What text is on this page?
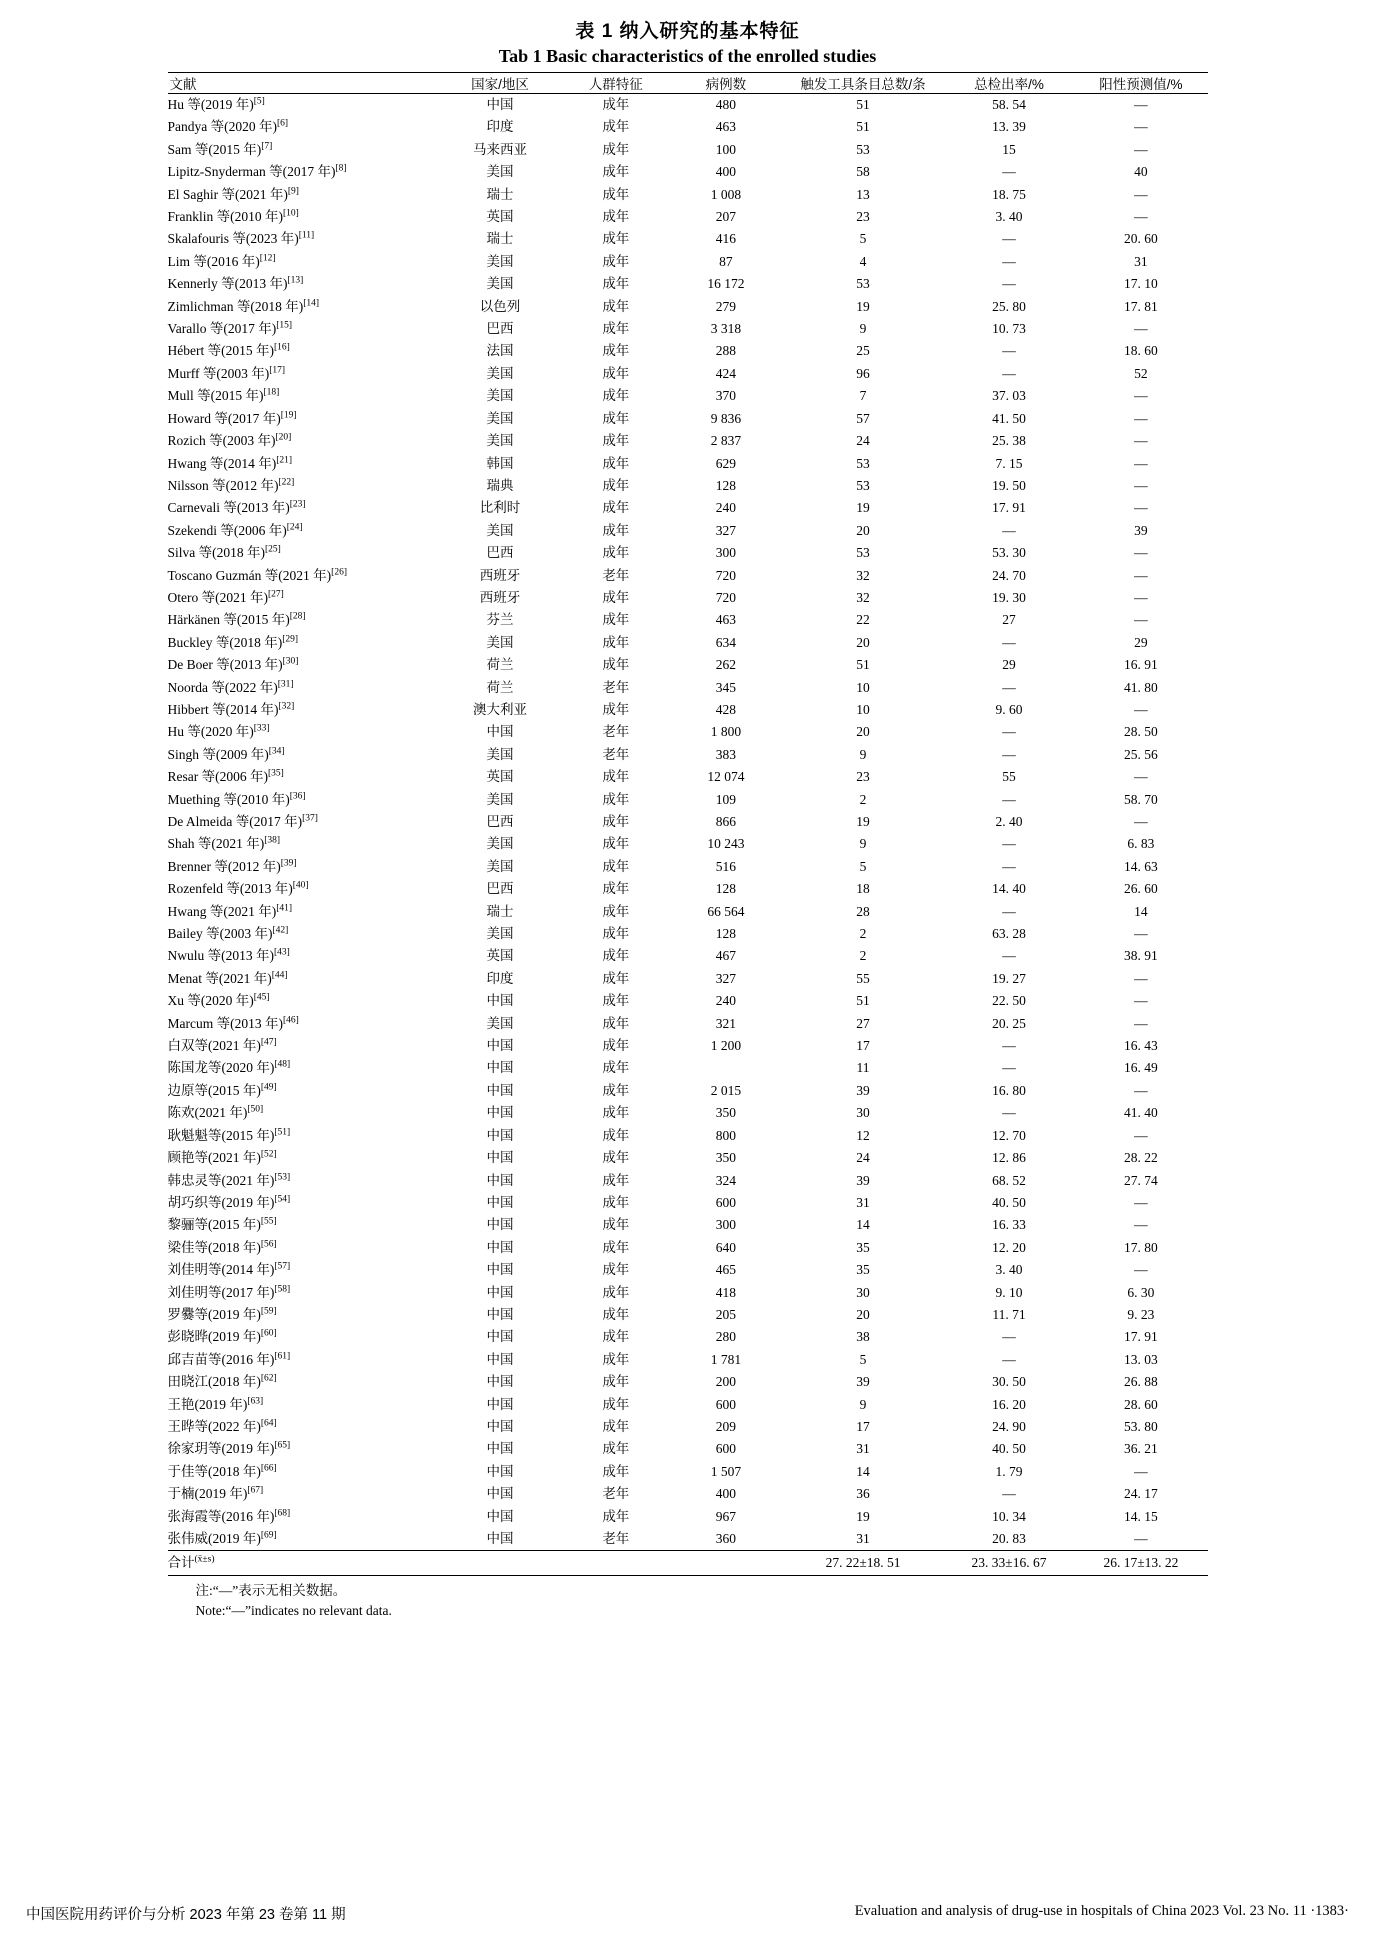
表 1 纳入研究的基本特征
Tab 1 Basic characteristics of the enrolled studies
文献	国家/地区	人群特征	病例数	触发工具条目总数/条	总检出率/%	阳性预测值/%
Hu 等(2019 年)[5]	中国	成年	480	51	58. 54	—
Pandya 等(2020 年)[6]	印度	成年	463	51	13. 39	—
Sam 等(2015 年)[7]	马来西亚	成年	100	53	15	—
Lipitz-Snyderman 等(2017 年)[8]	美国	成年	400	58	—	40
El Saghir 等(2021 年)[9]	瑞士	成年	1 008	13	18. 75	—
Franklin 等(2010 年)[10]	英国	成年	207	23	3. 40	—
Skalafouris 等(2023 年)[11]	瑞士	成年	416	5	—	20. 60
Lim 等(2016 年)[12]	美国	成年	87	4	—	31
Kennerly 等(2013 年)[13]	美国	成年	16 172	53	—	17. 10
Zimlichman 等(2018 年)[14]	以色列	成年	279	19	25. 80	17. 81
Varallo 等(2017 年)[15]	巴西	成年	3 318	9	10. 73	—
Hébert 等(2015 年)[16]	法国	成年	288	25	—	18. 60
Murff 等(2003 年)[17]	美国	成年	424	96	—	52
Mull 等(2015 年)[18]	美国	成年	370	7	37. 03	—
Howard 等(2017 年)[19]	美国	成年	9 836	57	41. 50	—
Rozich 等(2003 年)[20]	美国	成年	2 837	24	25. 38	—
Hwang 等(2014 年)[21]	韩国	成年	629	53	7. 15	—
Nilsson 等(2012 年)[22]	瑞典	成年	128	53	19. 50	—
Carnevali 等(2013 年)[23]	比利时	成年	240	19	17. 91	—
Szekendi 等(2006 年)[24]	美国	成年	327	20	—	39
Silva 等(2018 年)[25]	巴西	成年	300	53	53. 30	—
Toscano Guzmán 等(2021 年)[26]	西班牙	老年	720	32	24. 70	—
Otero 等(2021 年)[27]	西班牙	成年	720	32	19. 30	—
Härkänen 等(2015 年)[28]	芬兰	成年	463	22	27	—
Buckley 等(2018 年)[29]	美国	成年	634	20	—	29
De Boer 等(2013 年)[30]	荷兰	成年	262	51	29	16. 91
Noorda 等(2022 年)[31]	荷兰	老年	345	10	—	41. 80
Hibbert 等(2014 年)[32]	澳大利亚	成年	428	10	9. 60	—
Hu 等(2020 年)[33]	中国	老年	1 800	20	—	28. 50
Singh 等(2009 年)[34]	美国	老年	383	9	—	25. 56
Resar 等(2006 年)[35]	英国	成年	12 074	23	55	—
Muething 等(2010 年)[36]	美国	成年	109	2	—	58. 70
De Almeida 等(2017 年)[37]	巴西	成年	866	19	2. 40	—
Shah 等(2021 年)[38]	美国	成年	10 243	9	—	6. 83
Brenner 等(2012 年)[39]	美国	成年	516	5	—	14. 63
Rozenfeld 等(2013 年)[40]	巴西	成年	128	18	14. 40	26. 60
Hwang 等(2021 年)[41]	瑞士	成年	66 564	28	—	14
Bailey 等(2003 年)[42]	美国	成年	128	2	63. 28	—
Nwulu 等(2013 年)[43]	英国	成年	467	2	—	38. 91
Menat 等(2021 年)[44]	印度	成年	327	55	19. 27	—
Xu 等(2020 年)[45]	中国	成年	240	51	22. 50	—
Marcum 等(2013 年)[46]	美国	成年	321	27	20. 25	—
白双等(2021 年)[47]	中国	成年	1 200	17	—	16. 43
陈国龙等(2020 年)[48]	中国	成年		11	—	16. 49
边原等(2015 年)[49]	中国	成年	2 015	39	16. 80	—
陈欢(2021 年)[50]	中国	成年	350	30	—	41. 40
耿魁魁等(2015 年)[51]	中国	成年	800	12	12. 70	—
顾艳等(2021 年)[52]	中国	成年	350	24	12. 86	28. 22
韩忠灵等(2021 年)[53]	中国	成年	324	39	68. 52	27. 74
胡巧织等(2019 年)[54]	中国	成年	600	31	40. 50	—
黎骊等(2015 年)[55]	中国	成年	300	14	16. 33	—
梁佳等(2018 年)[56]	中国	成年	640	35	12. 20	17. 80
刘佳明等(2014 年)[57]	中国	成年	465	35	3. 40	—
刘佳明等(2017 年)[58]	中国	成年	418	30	9. 10	6. 30
罗爨等(2019 年)[59]	中国	成年	205	20	11. 71	9. 23
彭晓晔(2019 年)[60]	中国	成年	280	38	—	17. 91
邱吉苗等(2016 年)[61]	中国	成年	1 781	5	—	13. 03
田晓江(2018 年)[62]	中国	成年	200	39	30. 50	26. 88
王艳(2019 年)[63]	中国	成年	600	9	16. 20	28. 60
王晔等(2022 年)[64]	中国	成年	209	17	24. 90	53. 80
徐家玥等(2019 年)[65]	中国	成年	600	31	40. 50	36. 21
于佳等(2018 年)[66]	中国	成年	1 507	14	1. 79	—
于楠(2019 年)[67]	中国	老年	400	36	—	24. 17
张海霞等(2016 年)[68]	中国	成年	967	19	10. 34	14. 15
张伟威(2019 年)[69]	中国	老年	360	31	20. 83	—
合计$^{(x̄\pm s)}$				27. 22±18. 51	23. 33±16. 67	26. 17±13. 22
注:“—”表示无相关数据。
Note:“—”indicates no relevant data.
中国医院用药评价与分析 2023 年第 23 卷第 11 期	Evaluation and analysis of drug-use in hospitals of China 2023 Vol. 23 No. 11 ·1383·
